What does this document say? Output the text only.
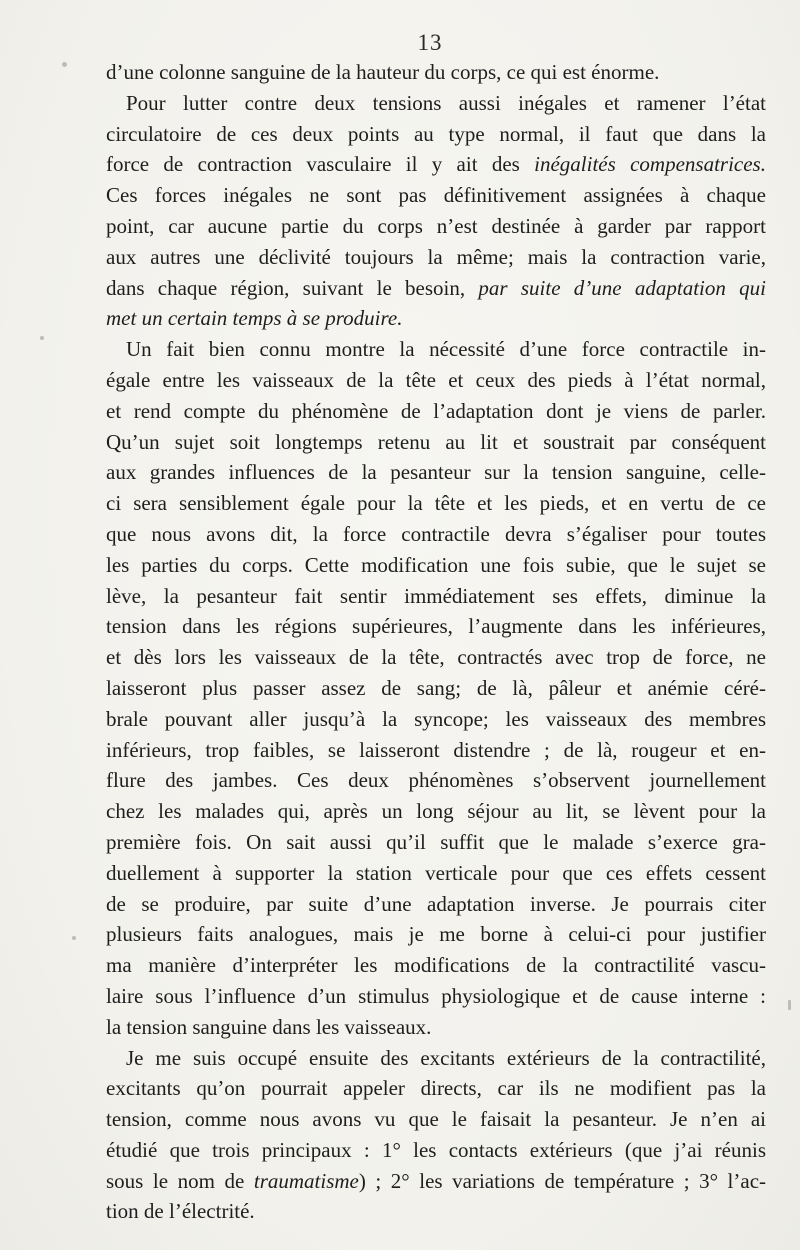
13
d’une colonne sanguine de la hauteur du corps, ce qui est énorme.
Pour lutter contre deux tensions aussi inégales et ramener l’état
circulatoire de ces deux points au type normal, il faut que dans la
force de contraction vasculaire il y ait des inégalités compensatrices.
Ces forces inégales ne sont pas définitivement assignées à chaque
point, car aucune partie du corps n’est destinée à garder par rapport
aux autres une déclivité toujours la même; mais la contraction varie,
dans chaque région, suivant le besoin, par suite d’une adaptation qui
met un certain temps à se produire.
Un fait bien connu montre la nécessité d’une force contractile in-
égale entre les vaisseaux de la tête et ceux des pieds à l’état normal,
et rend compte du phénomène de l’adaptation dont je viens de parler.
Qu’un sujet soit longtemps retenu au lit et soustrait par conséquent
aux grandes influences de la pesanteur sur la tension sanguine, celle-
ci sera sensiblement égale pour la tête et les pieds, et en vertu de ce
que nous avons dit, la force contractile devra s’égaliser pour toutes
les parties du corps. Cette modification une fois subie, que le sujet se
lève, la pesanteur fait sentir immédiatement ses effets, diminue la
tension dans les régions supérieures, l’augmente dans les inférieures,
et dès lors les vaisseaux de la tête, contractés avec trop de force, ne
laisseront plus passer assez de sang; de là, pâleur et anémie céré-
brale pouvant aller jusqu’à la syncope; les vaisseaux des membres
inférieurs, trop faibles, se laisseront distendre ; de là, rougeur et en-
flure des jambes. Ces deux phénomènes s’observent journellement
chez les malades qui, après un long séjour au lit, se lèvent pour la
première fois. On sait aussi qu’il suffit que le malade s’exerce gra-
duellement à supporter la station verticale pour que ces effets cessent
de se produire, par suite d’une adaptation inverse. Je pourrais citer
plusieurs faits analogues, mais je me borne à celui-ci pour justifier
ma manière d’interpréter les modifications de la contractilité vascu-
laire sous l’influence d’un stimulus physiologique et de cause interne :
la tension sanguine dans les vaisseaux.
Je me suis occupé ensuite des excitants extérieurs de la contractilité,
excitants qu’on pourrait appeler directs, car ils ne modifient pas la
tension, comme nous avons vu que le faisait la pesanteur. Je n’en ai
étudié que trois principaux : 1° les contacts extérieurs (que j’ai réunis
sous le nom de traumatisme) ; 2° les variations de température ; 3° l’ac-
tion de l’électrité.
